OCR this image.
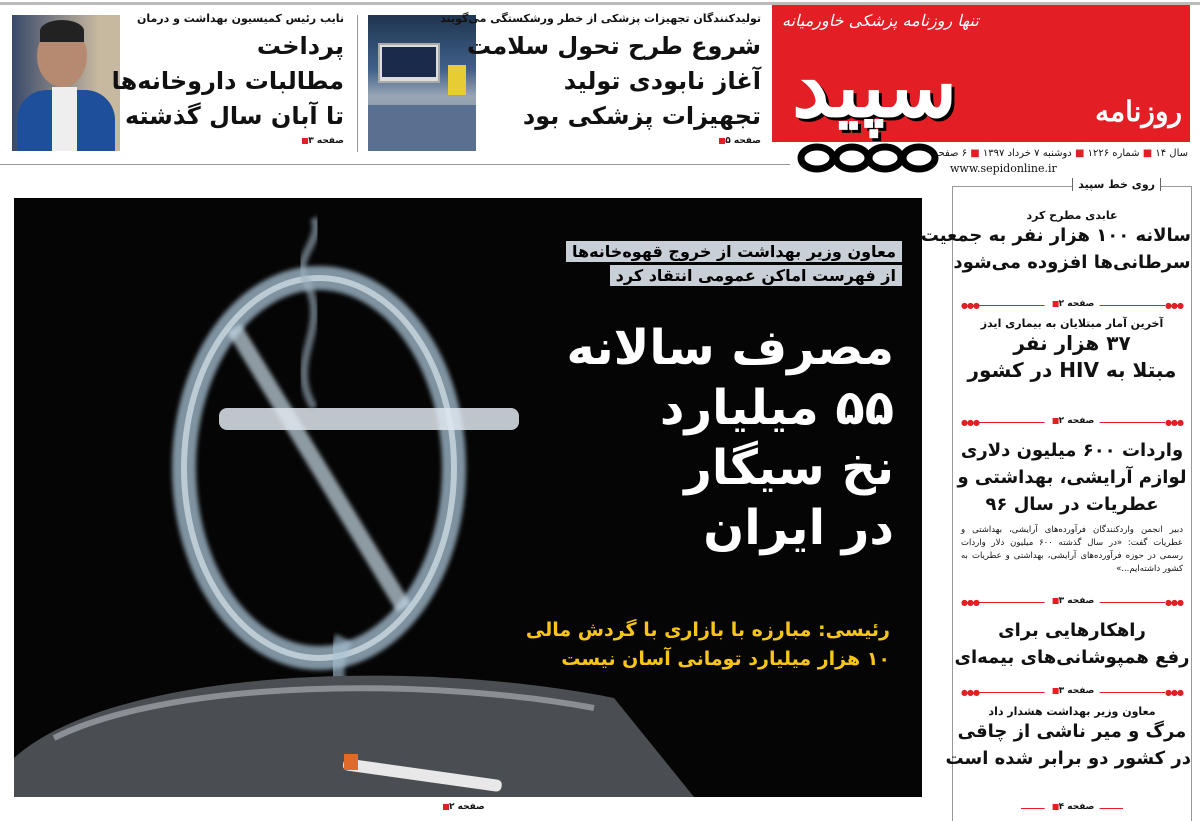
تنها روزنامه پزشکی خاورمیانه
سپید	روزنامه
سال ۱۴ ■ شماره ۱۲۲۶ ■ دوشنبه ۷ خرداد ۱۳۹۷ ■ ۶ صفحه
www.sepidonline.ir
نایب رئیس کمیسیون بهداشت و درمان
پرداخت
مطالبات داروخانه‌ها
تا آبان سال گذشته
صفحه ۳
تولیدکنندگان تجهیزات پزشکی از خطر ورشکستگی می‌گویند
شروع طرح تحول سلامت
آغاز نابودی تولید
تجهیزات پزشکی بود
صفحه ۵
معاون وزیر بهداشت از خروج قهوه‌خانه‌ها
از فهرست اماکن عمومی انتقاد کرد
مصرف سالانه
۵۵ میلیارد
نخ سیگار
در ایران
رئیسی: مبارزه با بازاری با گردش مالی
۱۰ هزار میلیارد تومانی آسان نیست
صفحه ۲
روی خط سپید
عابدی مطرح کرد
سالانه ۱۰۰ هزار نفر به جمعیت
سرطانی‌ها افزوده می‌شود
●●●	●●●
صفحه ۲
آخرین آمار مبتلایان به بیماری ایدز
۳۷ هزار نفر
مبتلا به HIV در کشور
●●●	●●●
صفحه ۲
واردات ۶۰۰ میلیون دلاری
لوازم آرایشی، بهداشتی و
عطریات در سال ۹۶
دبیر انجمن واردکنندگان فرآورده‌های آرایشی، بهداشتی و عطریات گفت: «در سال گذشته ۶۰۰ میلیون دلار واردات رسمی در حوزه فرآورده‌های آرایشی، بهداشتی و عطریات به کشور داشته‌ایم...»
●●●	●●●
صفحه ۳
راهکارهایی برای
رفع همپوشانی‌های بیمه‌ای
●●●	●●●
صفحه ۳
معاون وزیر بهداشت هشدار داد
مرگ و میر ناشی از چاقی
در کشور دو برابر شده است
صفحه ۴
